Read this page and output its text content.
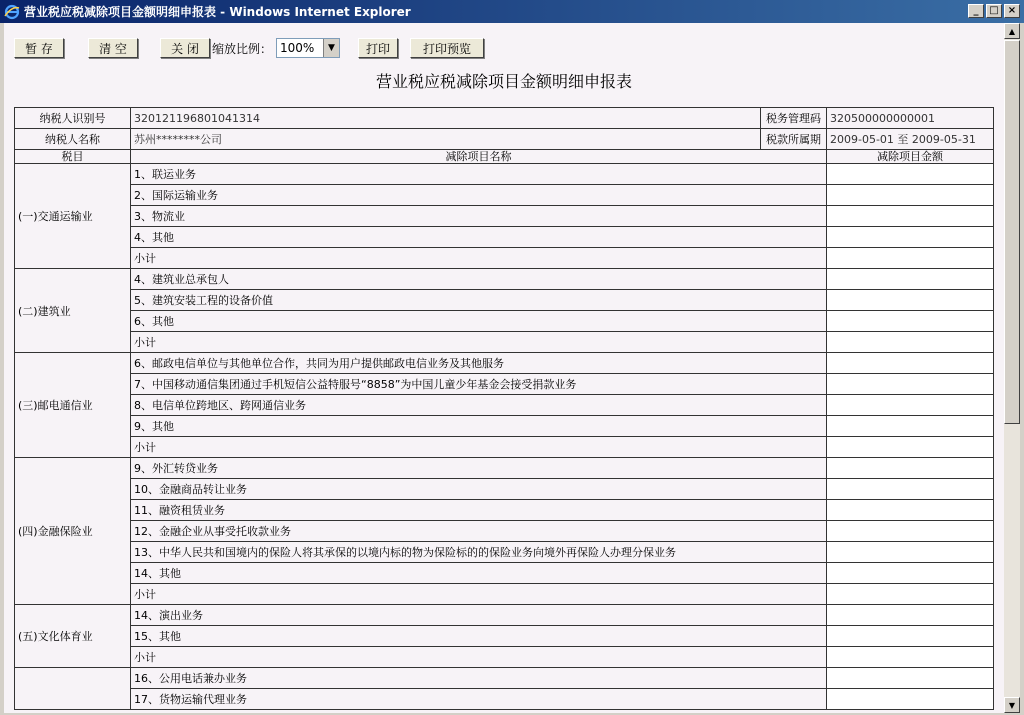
营业税应税减除项目金额明细申报表 - Windows Internet Explorer	_	□ ×
暂 存	清 空	关 闭	缩放比例： 100%	▼	打印	打印预览
营业税应税减除项目金额明细申报表
纳税人识别号	320121196801041314	税务管理码	320500000000001
纳税人名称	苏州********公司	税款所属期	2009-05-01 至 2009-05-31
税目	减除项目名称		减除项目金额
(一)交通运输业	1、联运业务		
	2、国际运输业务		
	3、物流业		
	4、其他		
	小计		
(二)建筑业	4、建筑业总承包人		
	5、建筑安装工程的设备价值		
	6、其他		
	小计		
(三)邮电通信业	6、邮政电信单位与其他单位合作，共同为用户提供邮政电信业务及其他服务		
	7、中国移动通信集团通过手机短信公益特服号“8858”为中国儿童少年基金会接受捐款业务		
	8、电信单位跨地区、跨网通信业务		
	9、其他		
	小计		
(四)金融保险业	9、外汇转贷业务		
	10、金融商品转让业务		
	11、融资租赁业务		
	12、金融企业从事受托收款业务		
	13、中华人民共和国境内的保险人将其承保的以境内标的物为保险标的的保险业务向境外再保险人办理分保业务		
	14、其他		
	小计		
(五)文化体育业	14、演出业务		
	15、其他		
	小计		
	16、公用电话兼办业务		
	17、货物运输代理业务		
▲
▼
